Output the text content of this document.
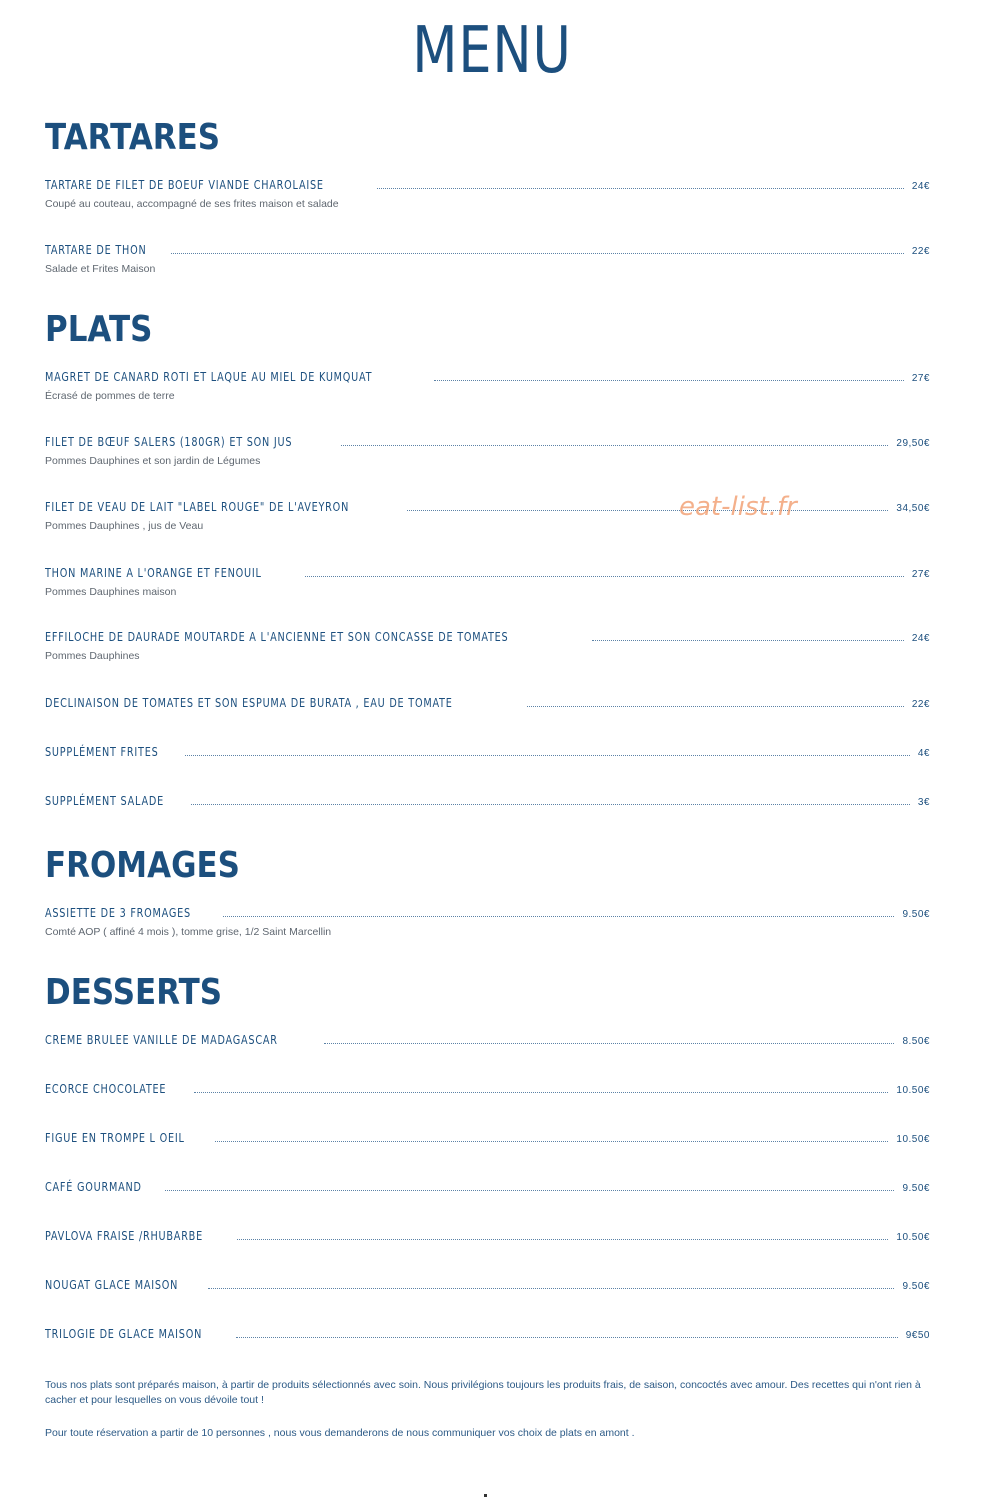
MENU
TARTARES
TARTARE DE FILET DE BOEUF VIANDE CHAROLAISE	24€
Coupé au couteau, accompagné de ses frites maison et salade
TARTARE DE THON	22€
Salade et Frites Maison
PLATS
MAGRET DE CANARD ROTI ET LAQUE AU MIEL DE KUMQUAT	27€
Écrasé de pommes de terre
FILET DE BŒUF SALERS (180GR) ET SON JUS	29,50€
Pommes Dauphines et son jardin de Légumes
FILET DE VEAU DE LAIT "LABEL ROUGE" DE L'AVEYRON	34,50€
Pommes Dauphines , jus de Veau
THON MARINE A L'ORANGE ET FENOUIL	27€
Pommes Dauphines maison
EFFILOCHE DE DAURADE MOUTARDE A L'ANCIENNE ET SON CONCASSE DE TOMATES	24€
Pommes Dauphines
DECLINAISON DE TOMATES ET SON ESPUMA DE BURATA , EAU DE TOMATE	22€
SUPPLÉMENT FRITES	4€
SUPPLÉMENT SALADE	3€
FROMAGES
ASSIETTE DE 3 FROMAGES	9.50€
Comté AOP ( affiné 4 mois ), tomme grise, 1/2 Saint Marcellin
DESSERTS
CREME BRULEE VANILLE DE MADAGASCAR	8.50€
ECORCE CHOCOLATEE	10.50€
FIGUE EN TROMPE L OEIL	10.50€
CAFÉ GOURMAND	9.50€
PAVLOVA FRAISE /RHUBARBE	10.50€
NOUGAT GLACE MAISON	9.50€
TRILOGIE DE GLACE MAISON	9€50
Tous nos plats sont préparés maison, à partir de produits sélectionnés avec soin. Nous privilégions toujours les produits frais, de saison, concoctés avec amour. Des recettes qui n'ont rien à cacher et pour lesquelles on vous dévoile tout !
Pour toute réservation a partir de 10 personnes , nous vous demanderons de nous communiquer vos choix de plats en amont .
eat-list.fr
